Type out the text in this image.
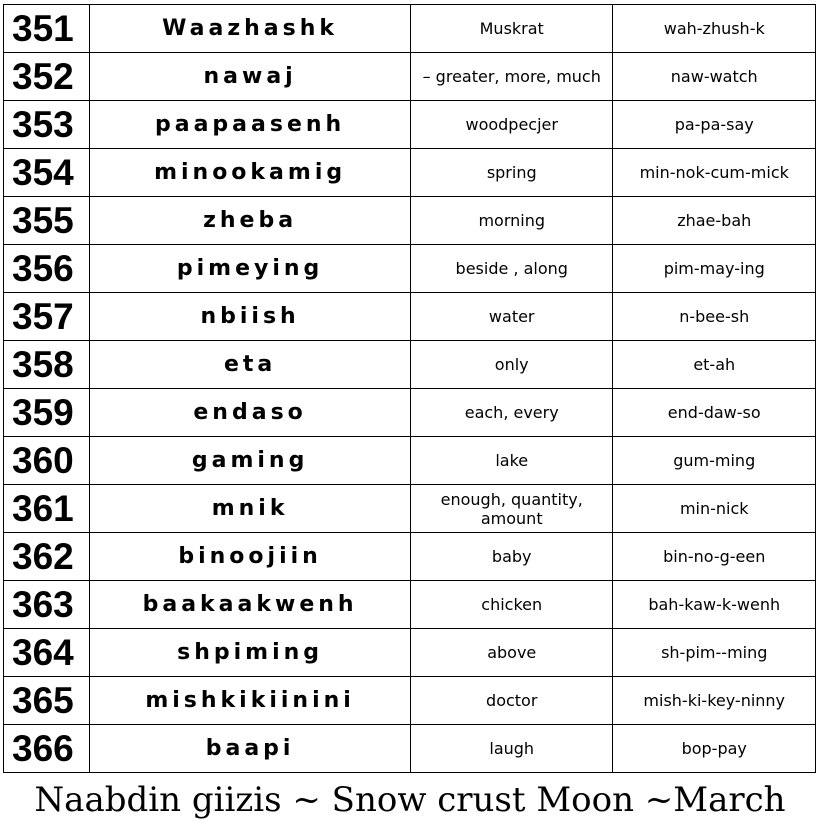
351	Waazhashk	Muskrat	wah-zhush-k
352	nawaj	– greater, more, much	naw-watch
353	paapaasenh	woodpecjer	pa-pa-say
354	minookamig	spring	min-nok-cum-mick
355	zheba	morning	zhae-bah
356	pimeying	beside , along	pim-may-ing
357	nbiish	water	n-bee-sh
358	eta	only	et-ah
359	endaso	each, every	end-daw-so
360	gaming	lake	gum-ming
361	mnik	enough, quantity, amount	min-nick
362	binoojiin	baby	bin-no-g-een
363	baakaakwenh	chicken	bah-kaw-k-wenh
364	shpiming	above	sh-pim--ming
365	mishkikiinini	doctor	mish-ki-key-ninny
366	baapi	laugh	bop-pay
Naabdin giizis ~ Snow crust Moon ~March
